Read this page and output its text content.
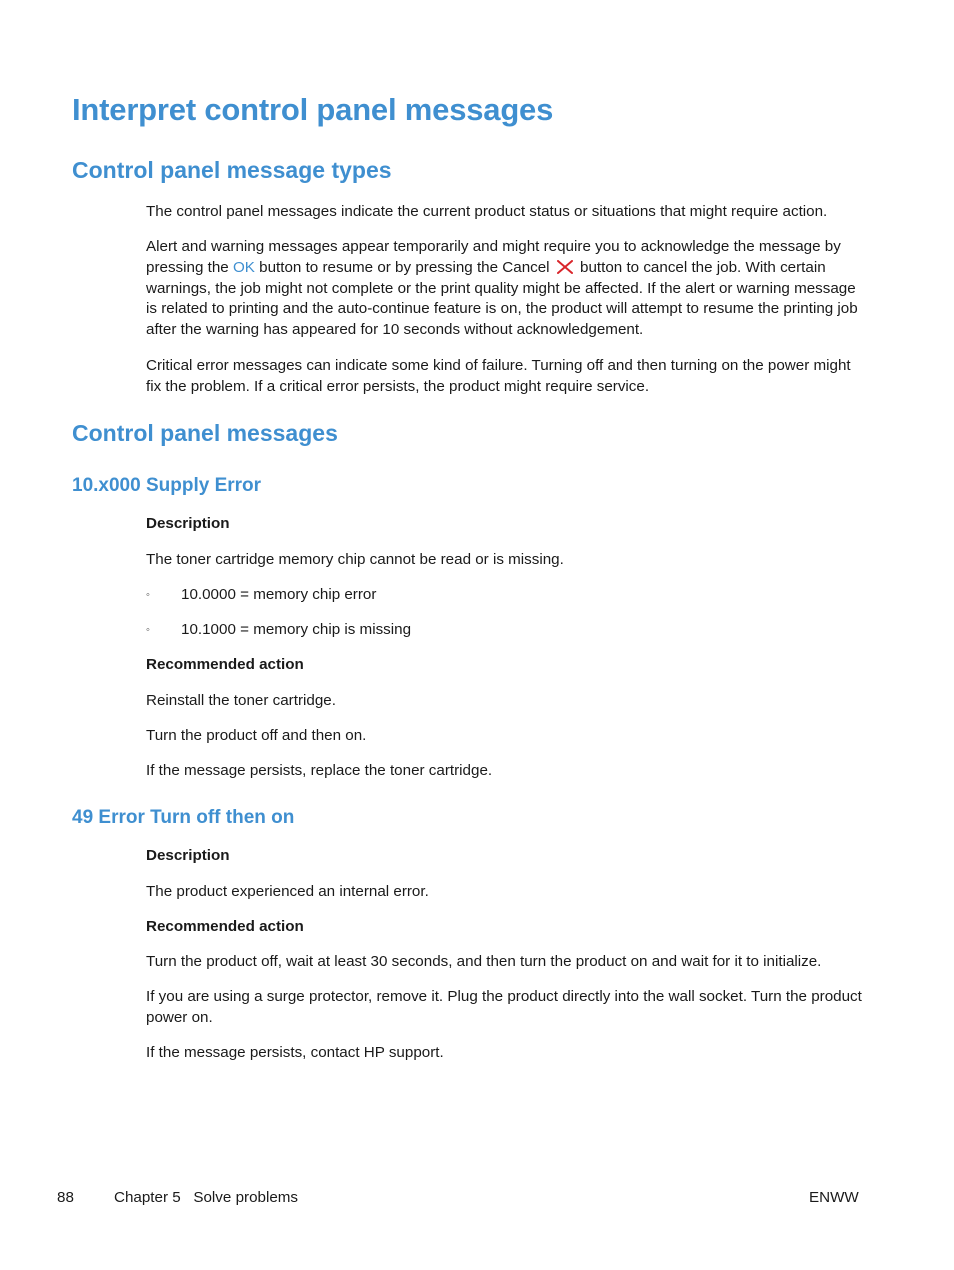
Interpret control panel messages
Control panel message types

The control panel messages indicate the current product status or situations that might require action.

Alert and warning messages appear temporarily and might require you to acknowledge the message by pressing the OK button to resume or by pressing the Cancel  button to cancel the job. With certain warnings, the job might not complete or the print quality might be affected. If the alert or warning message is related to printing and the auto-continue feature is on, the product will attempt to resume the printing job after the warning has appeared for 10 seconds without acknowledgement.

Critical error messages can indicate some kind of failure. Turning off and then turning on the power might fix the problem. If a critical error persists, the product might require service.

Control panel messages
10.x000 Supply Error
Description

The toner cartridge memory chip cannot be read or is missing.

◦ 10.0000 = memory chip error
◦ 10.1000 = memory chip is missing
Recommended action

Reinstall the toner cartridge.

Turn the product off and then on.

If the message persists, replace the toner cartridge.

49 Error Turn off then on
Description

The product experienced an internal error.

Recommended action

Turn the product off, wait at least 30 seconds, and then turn the product on and wait for it to initialize.

If you are using a surge protector, remove it. Plug the product directly into the wall socket. Turn the product power on.

If the message persists, contact HP support.

88	Chapter 5   Solve problems	ENWW
